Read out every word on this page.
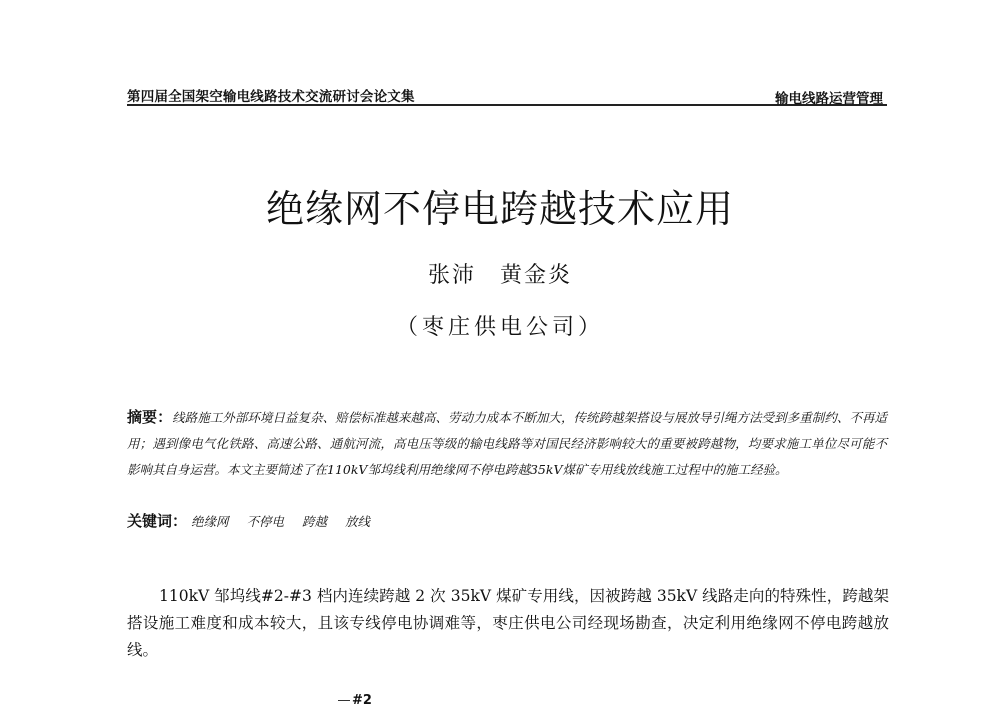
第四届全国架空输电线路技术交流研讨会论文集	输电线路运营管理
绝缘网不停电跨越技术应用
张沛　黄金炎
（枣庄供电公司）
摘要：线路施工外部环境日益复杂、赔偿标准越来越高、劳动力成本不断加大，传统跨越架搭设与展放导引绳方法受到多重制约、不再适用；遇到像电气化铁路、高速公路、通航河流，高电压等级的输电线路等对国民经济影响较大的重要被跨越物，均要求施工单位尽可能不影响其自身运营。本文主要简述了在110kV邹坞线利用绝缘网不停电跨越35kV煤矿专用线放线施工过程中的施工经验。
关键词： 绝缘网 不停电 跨越 放线

110kV 邹坞线#2-#3 档内连续跨越 2 次 35kV 煤矿专用线，因被跨越 35kV 线路走向的特殊性，跨越架搭设施工难度和成本较大，且该专线停电协调难等，枣庄供电公司经现场勘查，决定利用绝缘网不停电跨越放线。

#2
